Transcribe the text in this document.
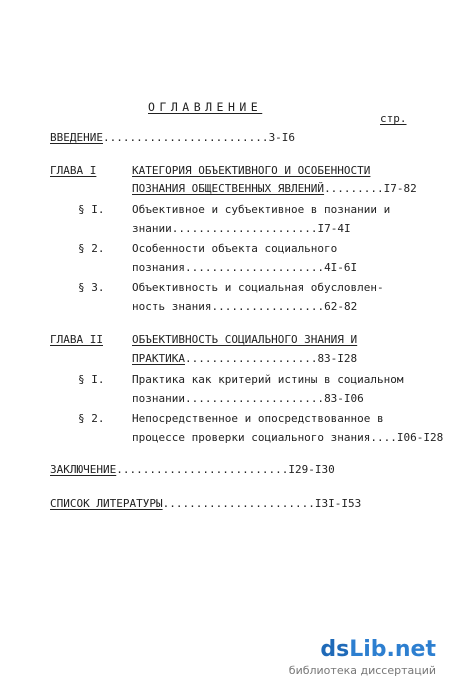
ОГЛАВЛЕНИЕ
стр.
ВВЕДЕНИЕ.........................3-I6
ГЛАВА I	КАТЕГОРИЯ ОБЪЕКТИВНОГО И ОСОБЕННОСТИ
ПОЗНАНИЯ ОБЩЕСТВЕННЫХ ЯВЛЕНИЙ.........I7-82
§ I.	Объективное и субъективное в познании и
знании......................I7-4I
§ 2.	Особенности объекта социального
познания.....................4I-6I
§ 3.	Объективность и социальная обусловлен-
ность знания.................62-82
ГЛАВА II	ОБЪЕКТИВНОСТЬ СОЦИАЛЬНОГО ЗНАНИЯ И
ПРАКТИКА....................83-I28
§ I.	Практика как критерий истины в социальном
познании.....................83-I06
§ 2.	Непосредственное и опосредствованное в
процессе проверки социального знания....I06-I28
ЗАКЛЮЧЕНИЕ..........................I29-I30
СПИСОК ЛИТЕРАТУРЫ.......................I3I-I53
dsLib.net
библиотека диссертаций
